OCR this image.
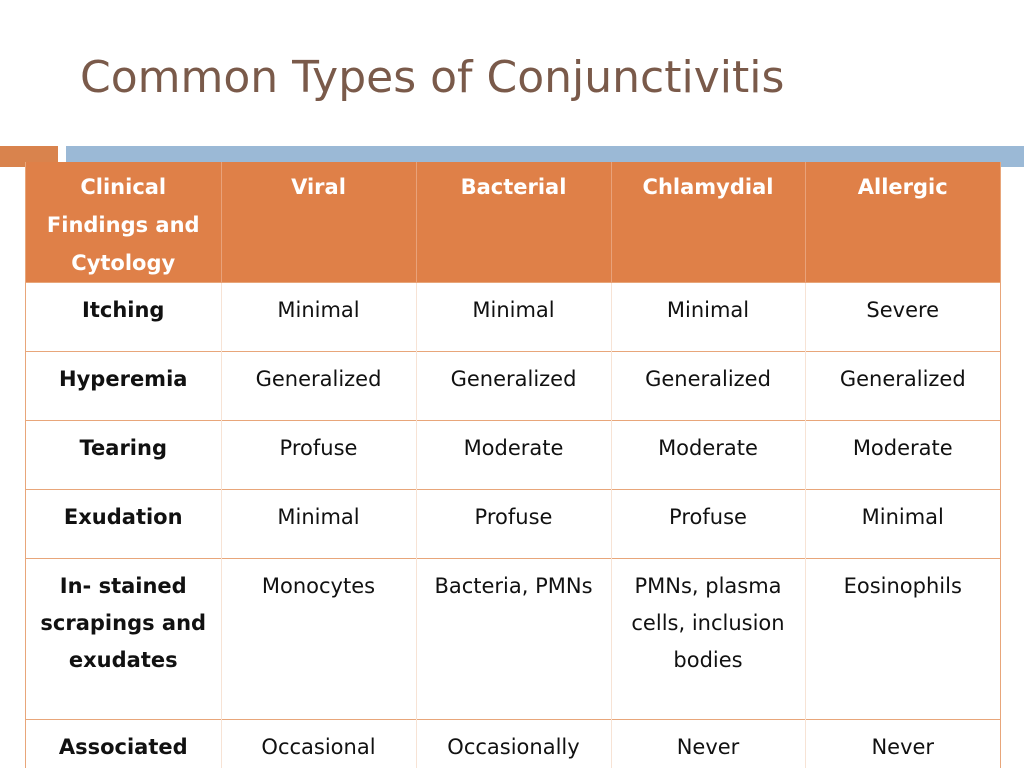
Common Types of Conjunctivitis
Clinical Findings and Cytology	Viral	Bacterial	Chlamydial	Allergic
Itching	Minimal	Minimal	Minimal	Severe
Hyperemia	Generalized	Generalized	Generalized	Generalized
Tearing	Profuse	Moderate	Moderate	Moderate
Exudation	Minimal	Profuse	Profuse	Minimal
In- stained scrapings and exudates	Monocytes	Bacteria, PMNs	PMNs, plasma cells, inclusion bodies	Eosinophils
Associated	Occasional	Occasionally	Never	Never
